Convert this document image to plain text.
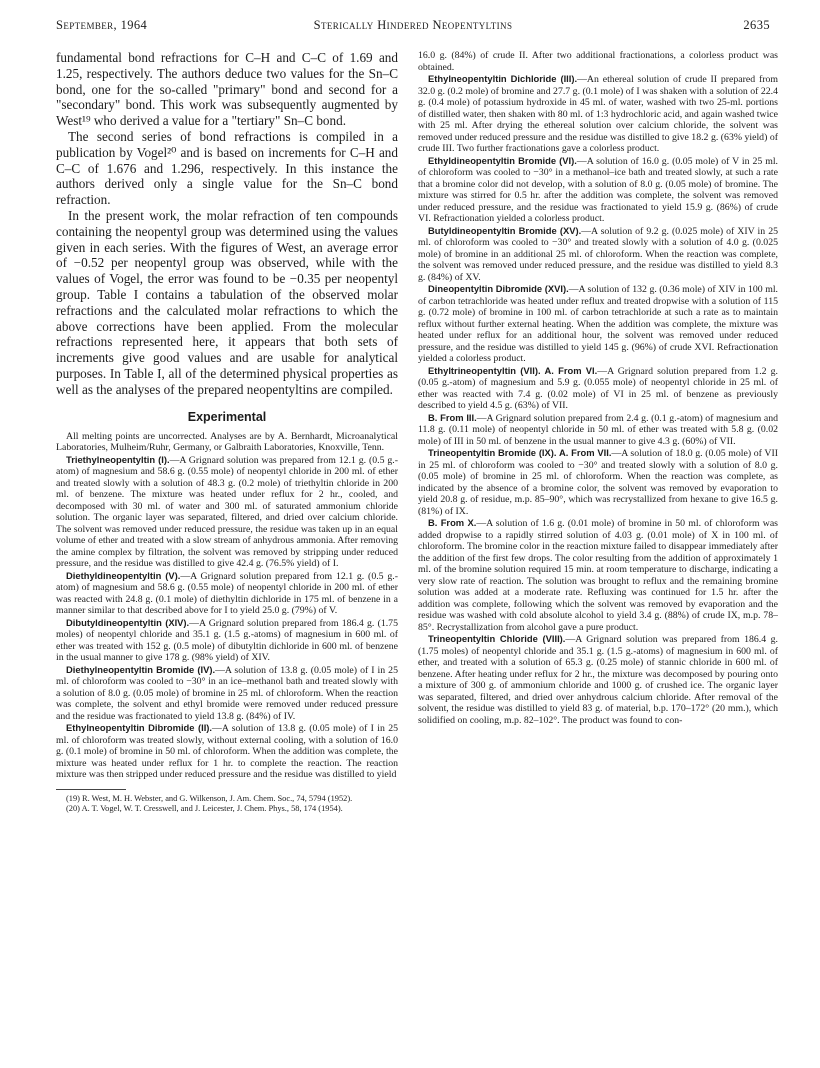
September, 1964	Sterically Hindered Neopentyltins	2635

fundamental bond refractions for C–H and C–C of 1.69 and 1.25, respectively. The authors deduce two values for the Sn–C bond, one for the so-called "primary" bond and second for a "secondary" bond. This work was subsequently augmented by West¹⁹ who derived a value for a "tertiary" Sn–C bond.

The second series of bond refractions is compiled in a publication by Vogel²⁰ and is based on increments for C–H and C–C of 1.676 and 1.296, respectively. In this instance the authors derived only a single value for the Sn–C bond refraction.

In the present work, the molar refraction of ten compounds containing the neopentyl group was determined using the values given in each series. With the figures of West, an average error of −0.52 per neopentyl group was observed, while with the values of Vogel, the error was found to be −0.35 per neopentyl group. Table I contains a tabulation of the observed molar refractions and the calculated molar refractions to which the above corrections have been applied. From the molecular refractions represented here, it appears that both sets of increments give good values and are usable for analytical purposes. In Table I, all of the determined physical properties as well as the analyses of the prepared neopentyltins are compiled.

Experimental

All melting points are uncorrected. Analyses are by A. Bernhardt, Microanalytical Laboratories, Mulheim/Ruhr, Germany, or Galbraith Laboratories, Knoxville, Tenn.

Triethylneopentyltin (I).—A Grignard solution was prepared from 12.1 g. (0.5 g.-atom) of magnesium and 58.6 g. (0.55 mole) of neopentyl chloride in 200 ml. of ether and treated slowly with a solution of 48.3 g. (0.2 mole) of triethyltin chloride in 200 ml. of benzene. The mixture was heated under reflux for 2 hr., cooled, and decomposed with 30 ml. of water and 300 ml. of saturated ammonium chloride solution. The organic layer was separated, filtered, and dried over calcium chloride. The solvent was removed under reduced pressure, the residue was taken up in an equal volume of ether and treated with a slow stream of anhydrous ammonia. After removing the amine complex by filtration, the solvent was removed by stripping under reduced pressure, and the residue was distilled to give 42.4 g. (76.5% yield) of I.

Diethyldineopentyltin (V).—A Grignard solution prepared from 12.1 g. (0.5 g.-atom) of magnesium and 58.6 g. (0.55 mole) of neopentyl chloride in 200 ml. of ether was reacted with 24.8 g. (0.1 mole) of diethyltin dichloride in 175 ml. of benzene in a manner similar to that described above for I to yield 25.0 g. (79%) of V.

Dibutyldineopentyltin (XIV).—A Grignard solution prepared from 186.4 g. (1.75 moles) of neopentyl chloride and 35.1 g. (1.5 g.-atoms) of magnesium in 600 ml. of ether was treated with 152 g. (0.5 mole) of dibutyltin dichloride in 600 ml. of benzene in the usual manner to give 178 g. (98% yield) of XIV.

Diethylneopentyltin Bromide (IV).—A solution of 13.8 g. (0.05 mole) of I in 25 ml. of chloroform was cooled to −30° in an ice–methanol bath and treated slowly with a solution of 8.0 g. (0.05 mole) of bromine in 25 ml. of chloroform. When the reaction was complete, the solvent and ethyl bromide were removed under reduced pressure and the residue was fractionated to yield 13.8 g. (84%) of IV.

Ethylneopentyltin Dibromide (II).—A solution of 13.8 g. (0.05 mole) of I in 25 ml. of chloroform was treated slowly, without external cooling, with a solution of 16.0 g. (0.1 mole) of bromine in 50 ml. of chloroform. When the addition was complete, the mixture was heated under reflux for 1 hr. to complete the reaction. The reaction mixture was then stripped under reduced pressure and the residue was distilled to yield

(19) R. West, M. H. Webster, and G. Wilkenson, J. Am. Chem. Soc., 74, 5794 (1952).

(20) A. T. Vogel, W. T. Cresswell, and J. Leicester, J. Chem. Phys., 58, 174 (1954).

16.0 g. (84%) of crude II. After two additional fractionations, a colorless product was obtained.

Ethylneopentyltin Dichloride (III).—An ethereal solution of crude II prepared from 32.0 g. (0.2 mole) of bromine and 27.7 g. (0.1 mole) of I was shaken with a solution of 22.4 g. (0.4 mole) of potassium hydroxide in 45 ml. of water, washed with two 25-ml. portions of distilled water, then shaken with 80 ml. of 1:3 hydrochloric acid, and again washed twice with 25 ml. After drying the ethereal solution over calcium chloride, the solvent was removed under reduced pressure and the residue was distilled to give 18.2 g. (63% yield) of crude III. Two further fractionations gave a colorless product.

Ethyldineopentyltin Bromide (VI).—A solution of 16.0 g. (0.05 mole) of V in 25 ml. of chloroform was cooled to −30° in a methanol–ice bath and treated slowly, at such a rate that a bromine color did not develop, with a solution of 8.0 g. (0.05 mole) of bromine. The mixture was stirred for 0.5 hr. after the addition was complete, the solvent was removed under reduced pressure, and the residue was fractionated to yield 15.9 g. (86%) of crude VI. Refractionation yielded a colorless product.

Butyldineopentyltin Bromide (XV).—A solution of 9.2 g. (0.025 mole) of XIV in 25 ml. of chloroform was cooled to −30° and treated slowly with a solution of 4.0 g. (0.025 mole) of bromine in an additional 25 ml. of chloroform. When the reaction was complete, the solvent was removed under reduced pressure, and the residue was distilled to yield 8.3 g. (84%) of XV.

Dineopentyltin Dibromide (XVI).—A solution of 132 g. (0.36 mole) of XIV in 100 ml. of carbon tetrachloride was heated under reflux and treated dropwise with a solution of 115 g. (0.72 mole) of bromine in 100 ml. of carbon tetrachloride at such a rate as to maintain reflux without further external heating. When the addition was complete, the mixture was heated under reflux for an additional hour, the solvent was removed under reduced pressure, and the residue was distilled to yield 145 g. (96%) of crude XVI. Refractionation yielded a colorless product.

Ethyltrineopentyltin (VII). A. From VI.—A Grignard solution prepared from 1.2 g. (0.05 g.-atom) of magnesium and 5.9 g. (0.055 mole) of neopentyl chloride in 25 ml. of ether was reacted with 7.4 g. (0.02 mole) of VI in 25 ml. of benzene as previously described to yield 4.5 g. (63%) of VII.

B. From III.—A Grignard solution prepared from 2.4 g. (0.1 g.-atom) of magnesium and 11.8 g. (0.11 mole) of neopentyl chloride in 50 ml. of ether was treated with 5.8 g. (0.02 mole) of III in 50 ml. of benzene in the usual manner to give 4.3 g. (60%) of VII.

Trineopentyltin Bromide (IX). A. From VII.—A solution of 18.0 g. (0.05 mole) of VII in 25 ml. of chloroform was cooled to −30° and treated slowly with a solution of 8.0 g. (0.05 mole) of bromine in 25 ml. of chloroform. When the reaction was complete, as indicated by the absence of a bromine color, the solvent was removed by evaporation to yield 20.8 g. of residue, m.p. 85–90°, which was recrystallized from hexane to give 16.5 g. (81%) of IX.

B. From X.—A solution of 1.6 g. (0.01 mole) of bromine in 50 ml. of chloroform was added dropwise to a rapidly stirred solution of 4.03 g. (0.01 mole) of X in 100 ml. of chloroform. The bromine color in the reaction mixture failed to disappear immediately after the addition of the first few drops. The color resulting from the addition of approximately 1 ml. of the bromine solution required 15 min. at room temperature to discharge, indicating a very slow rate of reaction. The solution was brought to reflux and the remaining bromine solution was added at a moderate rate. Refluxing was continued for 1.5 hr. after the addition was complete, following which the solvent was removed by evaporation and the residue was washed with cold absolute alcohol to yield 3.4 g. (88%) of crude IX, m.p. 78–85°. Recrystallization from alcohol gave a pure product.

Trineopentyltin Chloride (VIII).—A Grignard solution was prepared from 186.4 g. (1.75 moles) of neopentyl chloride and 35.1 g. (1.5 g.-atoms) of magnesium in 600 ml. of ether, and treated with a solution of 65.3 g. (0.25 mole) of stannic chloride in 600 ml. of benzene. After heating under reflux for 2 hr., the mixture was decomposed by pouring onto a mixture of 300 g. of ammonium chloride and 1000 g. of crushed ice. The organic layer was separated, filtered, and dried over anhydrous calcium chloride. After removal of the solvent, the residue was distilled to yield 83 g. of material, b.p. 170–172° (20 mm.), which solidified on cooling, m.p. 82–102°. The product was found to con-
